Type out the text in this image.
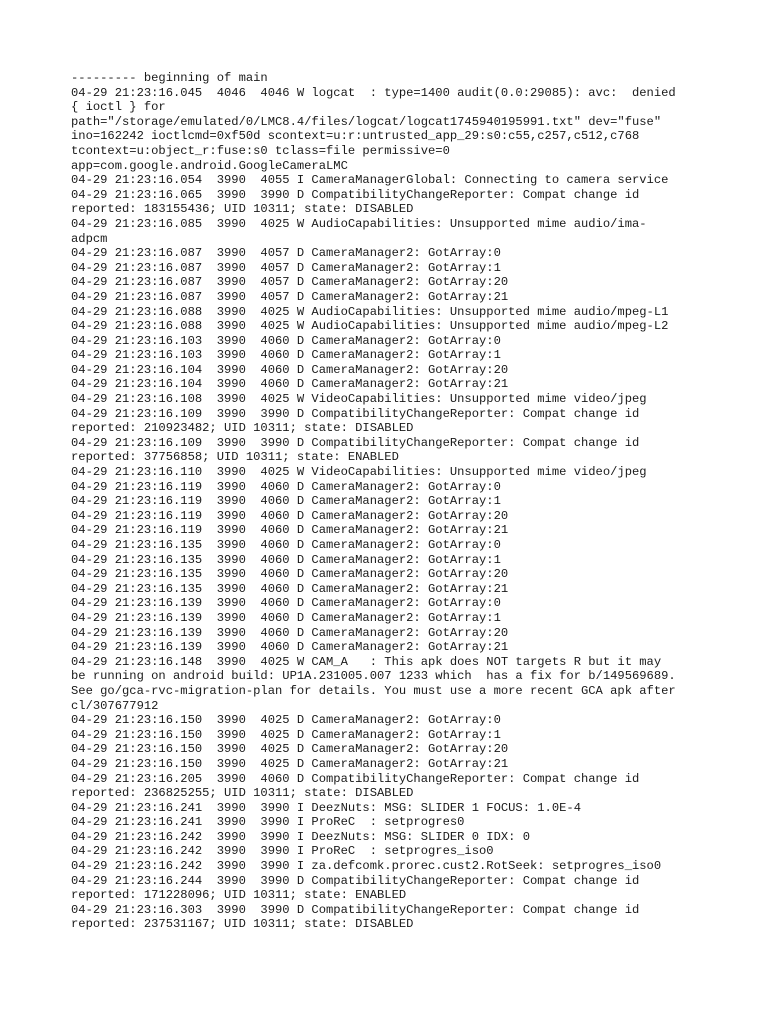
--------- beginning of main
04-29 21:23:16.045  4046  4046 W logcat  : type=1400 audit(0.0:29085): avc:  denied
{ ioctl } for
path="/storage/emulated/0/LMC8.4/files/logcat/logcat1745940195991.txt" dev="fuse"
ino=162242 ioctlcmd=0xf50d scontext=u:r:untrusted_app_29:s0:c55,c257,c512,c768
tcontext=u:object_r:fuse:s0 tclass=file permissive=0
app=com.google.android.GoogleCameraLMC
04-29 21:23:16.054  3990  4055 I CameraManagerGlobal: Connecting to camera service
04-29 21:23:16.065  3990  3990 D CompatibilityChangeReporter: Compat change id
reported: 183155436; UID 10311; state: DISABLED
04-29 21:23:16.085  3990  4025 W AudioCapabilities: Unsupported mime audio/ima-
adpcm
04-29 21:23:16.087  3990  4057 D CameraManager2: GotArray:0
04-29 21:23:16.087  3990  4057 D CameraManager2: GotArray:1
04-29 21:23:16.087  3990  4057 D CameraManager2: GotArray:20
04-29 21:23:16.087  3990  4057 D CameraManager2: GotArray:21
04-29 21:23:16.088  3990  4025 W AudioCapabilities: Unsupported mime audio/mpeg-L1
04-29 21:23:16.088  3990  4025 W AudioCapabilities: Unsupported mime audio/mpeg-L2
04-29 21:23:16.103  3990  4060 D CameraManager2: GotArray:0
04-29 21:23:16.103  3990  4060 D CameraManager2: GotArray:1
04-29 21:23:16.104  3990  4060 D CameraManager2: GotArray:20
04-29 21:23:16.104  3990  4060 D CameraManager2: GotArray:21
04-29 21:23:16.108  3990  4025 W VideoCapabilities: Unsupported mime video/jpeg
04-29 21:23:16.109  3990  3990 D CompatibilityChangeReporter: Compat change id
reported: 210923482; UID 10311; state: DISABLED
04-29 21:23:16.109  3990  3990 D CompatibilityChangeReporter: Compat change id
reported: 37756858; UID 10311; state: ENABLED
04-29 21:23:16.110  3990  4025 W VideoCapabilities: Unsupported mime video/jpeg
04-29 21:23:16.119  3990  4060 D CameraManager2: GotArray:0
04-29 21:23:16.119  3990  4060 D CameraManager2: GotArray:1
04-29 21:23:16.119  3990  4060 D CameraManager2: GotArray:20
04-29 21:23:16.119  3990  4060 D CameraManager2: GotArray:21
04-29 21:23:16.135  3990  4060 D CameraManager2: GotArray:0
04-29 21:23:16.135  3990  4060 D CameraManager2: GotArray:1
04-29 21:23:16.135  3990  4060 D CameraManager2: GotArray:20
04-29 21:23:16.135  3990  4060 D CameraManager2: GotArray:21
04-29 21:23:16.139  3990  4060 D CameraManager2: GotArray:0
04-29 21:23:16.139  3990  4060 D CameraManager2: GotArray:1
04-29 21:23:16.139  3990  4060 D CameraManager2: GotArray:20
04-29 21:23:16.139  3990  4060 D CameraManager2: GotArray:21
04-29 21:23:16.148  3990  4025 W CAM_A   : This apk does NOT targets R but it may
be running on android build: UP1A.231005.007 1233 which  has a fix for b/149569689.
See go/gca-rvc-migration-plan for details. You must use a more recent GCA apk after
cl/307677912
04-29 21:23:16.150  3990  4025 D CameraManager2: GotArray:0
04-29 21:23:16.150  3990  4025 D CameraManager2: GotArray:1
04-29 21:23:16.150  3990  4025 D CameraManager2: GotArray:20
04-29 21:23:16.150  3990  4025 D CameraManager2: GotArray:21
04-29 21:23:16.205  3990  4060 D CompatibilityChangeReporter: Compat change id
reported: 236825255; UID 10311; state: DISABLED
04-29 21:23:16.241  3990  3990 I DeezNuts: MSG: SLIDER 1 FOCUS: 1.0E-4
04-29 21:23:16.241  3990  3990 I ProReC  : setprogres0
04-29 21:23:16.242  3990  3990 I DeezNuts: MSG: SLIDER 0 IDX: 0
04-29 21:23:16.242  3990  3990 I ProReC  : setprogres_iso0
04-29 21:23:16.242  3990  3990 I za.defcomk.prorec.cust2.RotSeek: setprogres_iso0
04-29 21:23:16.244  3990  3990 D CompatibilityChangeReporter: Compat change id
reported: 171228096; UID 10311; state: ENABLED
04-29 21:23:16.303  3990  3990 D CompatibilityChangeReporter: Compat change id
reported: 237531167; UID 10311; state: DISABLED
